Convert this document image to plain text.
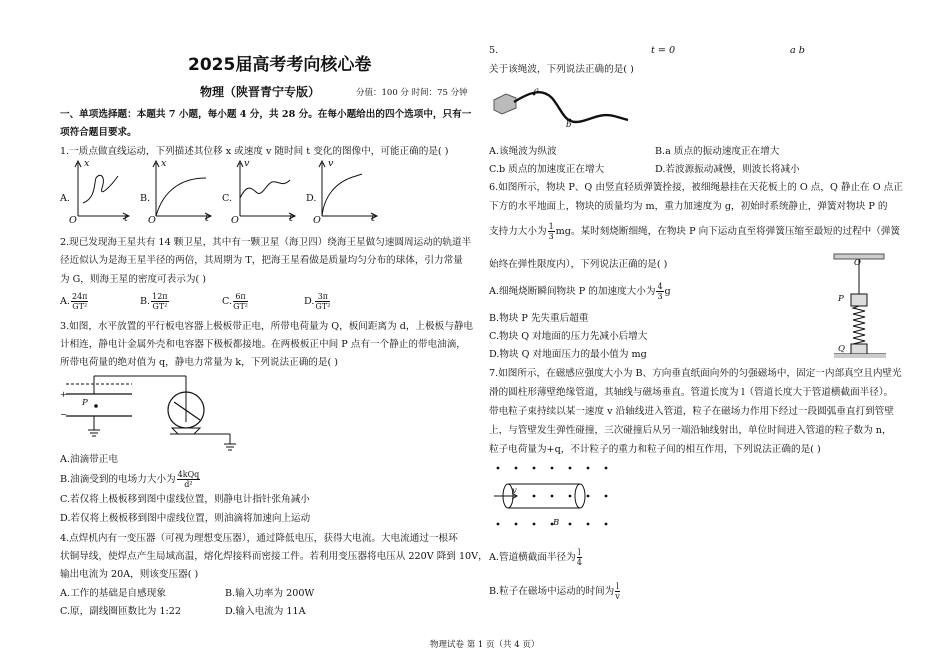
2025届高考考向核心卷
物理（陕晋青宁专版）	分值：100 分 时间：75 分钟
一、单项选择题：本题共 7 小题，每小题 4 分，共 28 分。在每小题给出的四个选项中，只有一
项符合题目要求。
1.一质点做直线运动，下列描述其位移 x 或速度 v 随时间 t 变化的图像中，可能正确的是( )
A.
x
t
O
B.
x
t
O
C.
v
t
O
D.
v
t
O
2.现已发现海王星共有 14 颗卫星，其中有一颗卫星（海卫四）绕海王星做匀速圆周运动的轨道半
径近似认为是海王星半径的两倍，其周期为 T，把海王星看做是质量均匀分布的球体，引力常量
为 G，则海王星的密度可表示为( )
A. $\frac{24\pi}{\text{GT²}}$	B. $\frac{12\pi}{\text{GT²}}$	C. $\frac{6\pi}{\text{GT²}}$	D. $\frac{3\pi}{\text{GT²}}$
3.如图，水平放置的平行板电容器上极板带正电，所带电荷量为 Q，板间距离为 d，上极板与静电
计相连，静电计金属外壳和电容器下极板都接地。在两极板正中间 P 点有一个静止的带电油滴，
所带电荷量的绝对值为 q，静电力常量为 k，下列说法正确的是( )
+
−
P
A.油滴带正电
B.油滴受到的电场力大小为 $\frac{\text{4kQq}}{\text{d²}}$
C.若仅将上极板移到图中虚线位置，则静电计指针张角减小
D.若仅将上极板移到图中虚线位置，则油滴将加速向上运动
4.点焊机内有一变压器（可视为理想变压器），通过降低电压，获得大电流。大电流通过一根环
状铜导线，使焊点产生局域高温，熔化焊接料而密接工件。若利用变压器将电压从 220V 降到 10V，
输出电流为 20A，则该变压器( )
A.工作的基础是自感现象	B.输入功率为 200W
C.原，副线圈匝数比为 1:22	D.输入电流为 11A
5.	t = 0	a b
关于该绳波，下列说法正确的是( )
a
b
A.该绳波为纵波	B.a 质点的振动速度正在增大
C.b 质点的加速度正在增大	D.若波源振动减慢，则波长将减小
6.如图所示，物块 P、Q 由竖直轻质弹簧拴接，被细绳悬挂在天花板上的 O 点，Q 静止在 O 点正
下方的水平地面上，物块的质量均为 m，重力加速度为 g，初始时系统静止，弹簧对物块 P 的
支持力大小为 $\frac{1}{3}$ mg。某时刻烧断细绳，在物块 P 向下运动直至将弹簧压缩至最短的过程中（弹簧
始终在弹性限度内），下列说法正确的是( )
A.细绳烧断瞬间物块 P 的加速度大小为 $\frac{4}{3}$ g
B.物块 P 先失重后超重
C.物块 Q 对地面的压力先减小后增大
D.物块 Q 对地面压力的最小值为 mg
O
P
Q
7.如图所示，在磁感应强度大小为 B、方向垂直纸面向外的匀强磁场中，固定一内部真空且内壁光
滑的圆柱形薄壁绝缘管道，其轴线与磁场垂直。管道长度为 l（管道长度大于管道横截面半径）。
带电粒子束持续以某一速度 v 沿轴线进入管道，粒子在磁场力作用下经过一段圆弧垂直打到管壁
上，与管壁发生弹性碰撞，三次碰撞后从另一端沿轴线射出，单位时间进入管道的粒子数为 n，
粒子电荷量为+q，不计粒子的重力和粒子间的相互作用，下列说法正确的是( )
v
B
A.管道横截面半径为 $\frac{l}{4}$
B.粒子在磁场中运动的时间为 $\frac{l}{v}$
物理试卷 第 1 页（共 4 页）
